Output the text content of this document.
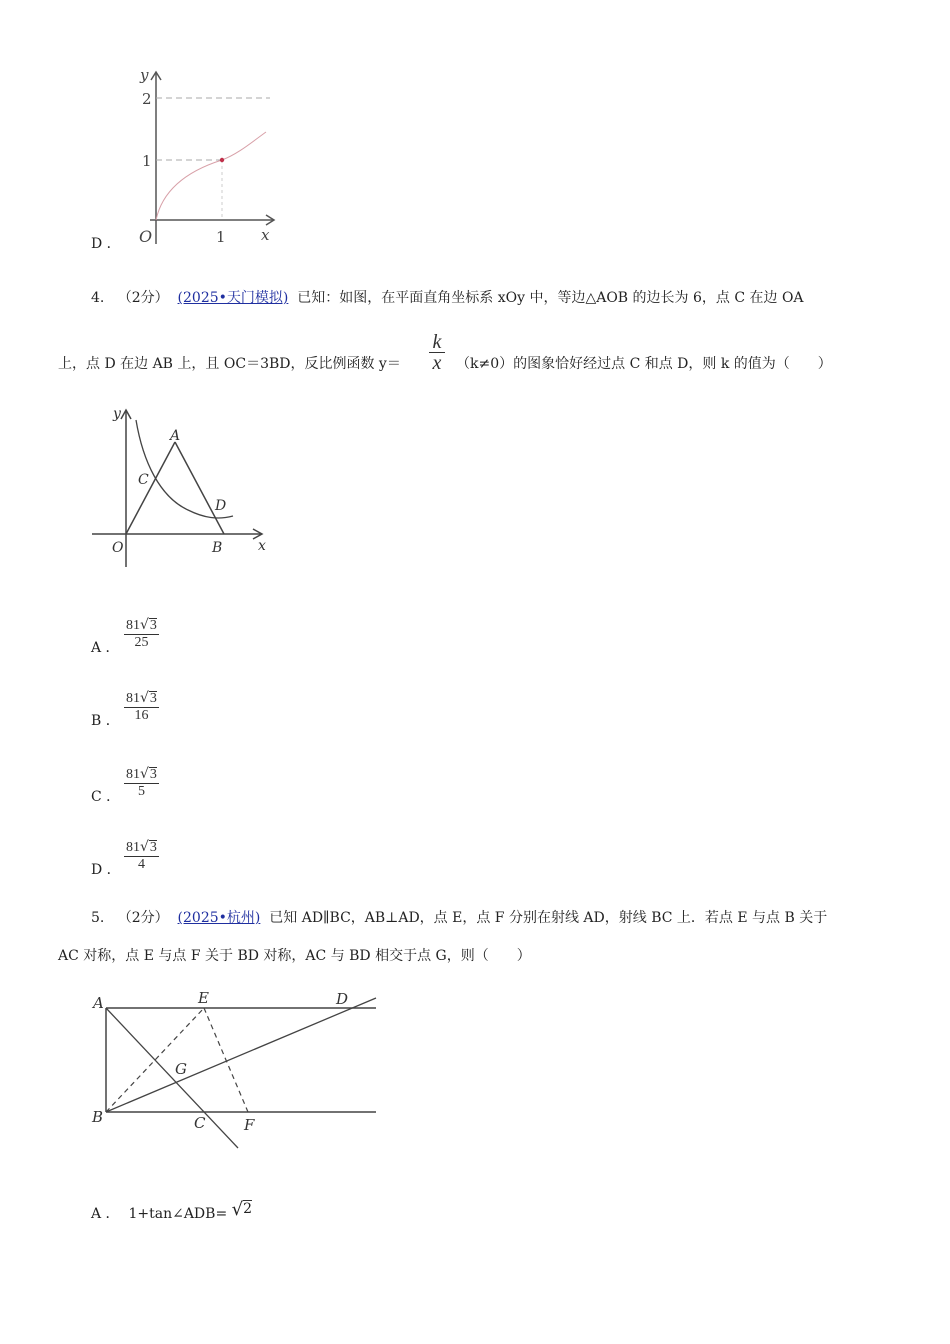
y
2
1
O	1 x
D ．
4. （2分） (2025•天门模拟) 已知：如图，在平面直角坐标系 xOy 中，等边△AOB 的边长为 6，点 C 在边 OA
上，点 D 在边 AB 上，且 OC＝3BD，反比例函数 $y= \frac{k}{x} (k\ne 0)$的图象恰好经过点 C 和点 D，则 k 的值为（　　）
y
A
C
D
O	B	x
A ． $\frac{81√3}{25}$
B ． $\frac{81√3}{16}$
C ． $\frac{81√3}{5}$
D ． $\frac{81√3}{4}$
5. （2分） (2025•杭州) 已知 AD∥BC，AB⊥AD，点 E，点 F 分别在射线 AD，射线 BC 上．若点 E 与点 B 关于
AC 对称，点 E 与点 F 关于 BD 对称，AC 与 BD 相交于点 G，则（　　）
A	E	D
G
B	C	F
A ． 1+tan∠ADB= √2
